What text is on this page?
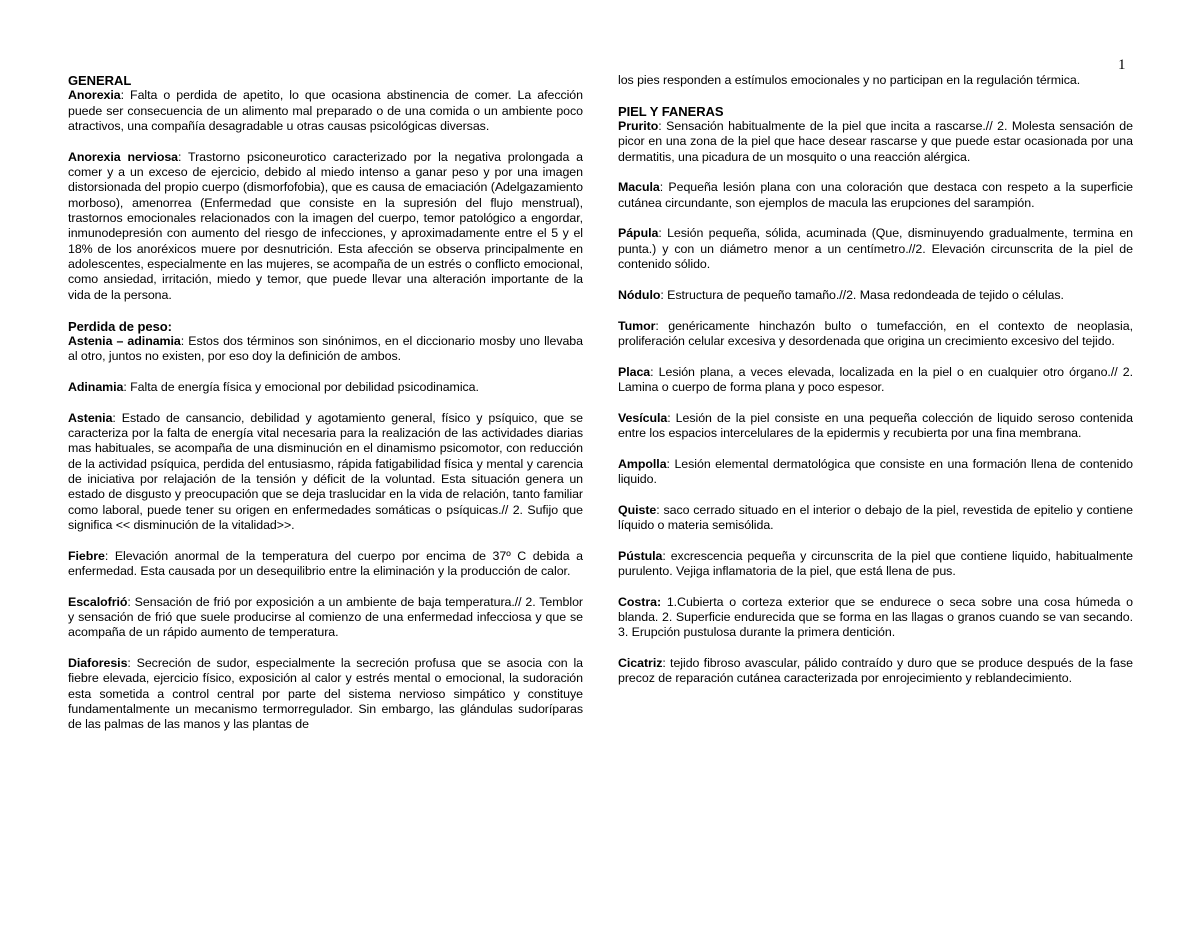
1

GENERAL

Anorexia: Falta o perdida de apetito, lo que ocasiona abstinencia de comer. La afección puede ser consecuencia de un alimento mal preparado o de una comida o un ambiente poco atractivos, una compañía desagradable u otras causas psicológicas diversas.

Anorexia nerviosa: Trastorno psiconeurotico caracterizado por la negativa prolongada a comer y a un exceso de ejercicio, debido al miedo intenso a ganar peso y por una imagen distorsionada del propio cuerpo (dismorfofobia), que es causa de emaciación (Adelgazamiento morboso), amenorrea (Enfermedad que consiste en la supresión del flujo menstrual), trastornos emocionales relacionados con la imagen del cuerpo, temor patológico a engordar, inmunodepresión con aumento del riesgo de infecciones, y aproximadamente entre el 5 y el 18% de los anoréxicos muere por desnutrición. Esta afección se observa principalmente en adolescentes, especialmente en las mujeres, se acompaña de un estrés o conflicto emocional, como ansiedad, irritación, miedo y temor, que puede llevar una alteración importante de la vida de la persona.

Perdida de peso:

Astenia – adinamia: Estos dos términos son sinónimos, en el diccionario mosby uno llevaba al otro, juntos no existen, por eso doy la definición de ambos.

Adinamia: Falta de energía física y emocional por debilidad psicodinamica.

Astenia: Estado de cansancio, debilidad y agotamiento general, físico y psíquico, que se caracteriza por la falta de energía vital necesaria para la realización de las actividades diarias mas habituales, se acompaña de una disminución en el dinamismo psicomotor, con reducción de la actividad psíquica, perdida del entusiasmo, rápida fatigabilidad física y mental y carencia de iniciativa por relajación de la tensión y déficit de la voluntad. Esta situación genera un estado de disgusto y preocupación que se deja traslucidar en la vida de relación, tanto familiar como laboral, puede tener su origen en enfermedades somáticas o psíquicas.// 2. Sufijo que significa << disminución de la vitalidad>>.

Fiebre: Elevación anormal de la temperatura del cuerpo por encima de 37º C debida a enfermedad. Esta causada por un desequilibrio entre la eliminación y la producción de calor.

Escalofrió: Sensación de frió por exposición a un ambiente de baja temperatura.// 2. Temblor y sensación de frió que suele producirse al comienzo de una enfermedad infecciosa y que se acompaña de un rápido aumento de temperatura.

Diaforesis: Secreción de sudor, especialmente la secreción profusa que se asocia con la fiebre elevada, ejercicio físico, exposición al calor y estrés mental o emocional, la sudoración esta sometida a control central por parte del sistema nervioso simpático y constituye fundamentalmente un mecanismo termorregulador. Sin embargo, las glándulas sudoríparas de las palmas de las manos y las plantas de

los pies responden a estímulos emocionales y no participan en la regulación térmica.

PIEL Y FANERAS

Prurito: Sensación habitualmente de la piel que incita a rascarse.// 2. Molesta sensación de picor en una zona de la piel que hace desear rascarse y que puede estar ocasionada por una dermatitis, una picadura de un mosquito o una reacción alérgica.

Macula: Pequeña lesión plana con una coloración que destaca con respeto a la superficie cutánea circundante, son ejemplos de macula las erupciones del sarampión.

Pápula: Lesión pequeña, sólida, acuminada (Que, disminuyendo gradualmente, termina en punta.) y con un diámetro menor a un centímetro.//2. Elevación circunscrita de la piel de contenido sólido.

Nódulo: Estructura de pequeño tamaño.//2. Masa redondeada de tejido o células.

Tumor: genéricamente hinchazón bulto o tumefacción, en el contexto de neoplasia, proliferación celular excesiva y desordenada que origina un crecimiento excesivo del tejido.

Placa: Lesión plana, a veces elevada, localizada en la piel o en cualquier otro órgano.// 2. Lamina o cuerpo de forma plana y poco espesor.

Vesícula: Lesión de la piel consiste en una pequeña colección de liquido seroso contenida entre los espacios intercelulares de la epidermis y recubierta por una fina membrana.

Ampolla: Lesión elemental dermatológica que consiste en una formación llena de contenido liquido.

Quiste: saco cerrado situado en el interior o debajo de la piel, revestida de epitelio y contiene líquido o materia semisólida.

Pústula: excrescencia pequeña y circunscrita de la piel que contiene liquido, habitualmente purulento. Vejiga inflamatoria de la piel, que está llena de pus.

Costra: 1.Cubierta o corteza exterior que se endurece o seca sobre una cosa húmeda o blanda. 2. Superficie endurecida que se forma en las llagas o granos cuando se van secando. 3. Erupción pustulosa durante la primera dentición.

Cicatriz: tejido fibroso avascular, pálido contraído y duro que se produce después de la fase precoz de reparación cutánea caracterizada por enrojecimiento y reblandecimiento.
